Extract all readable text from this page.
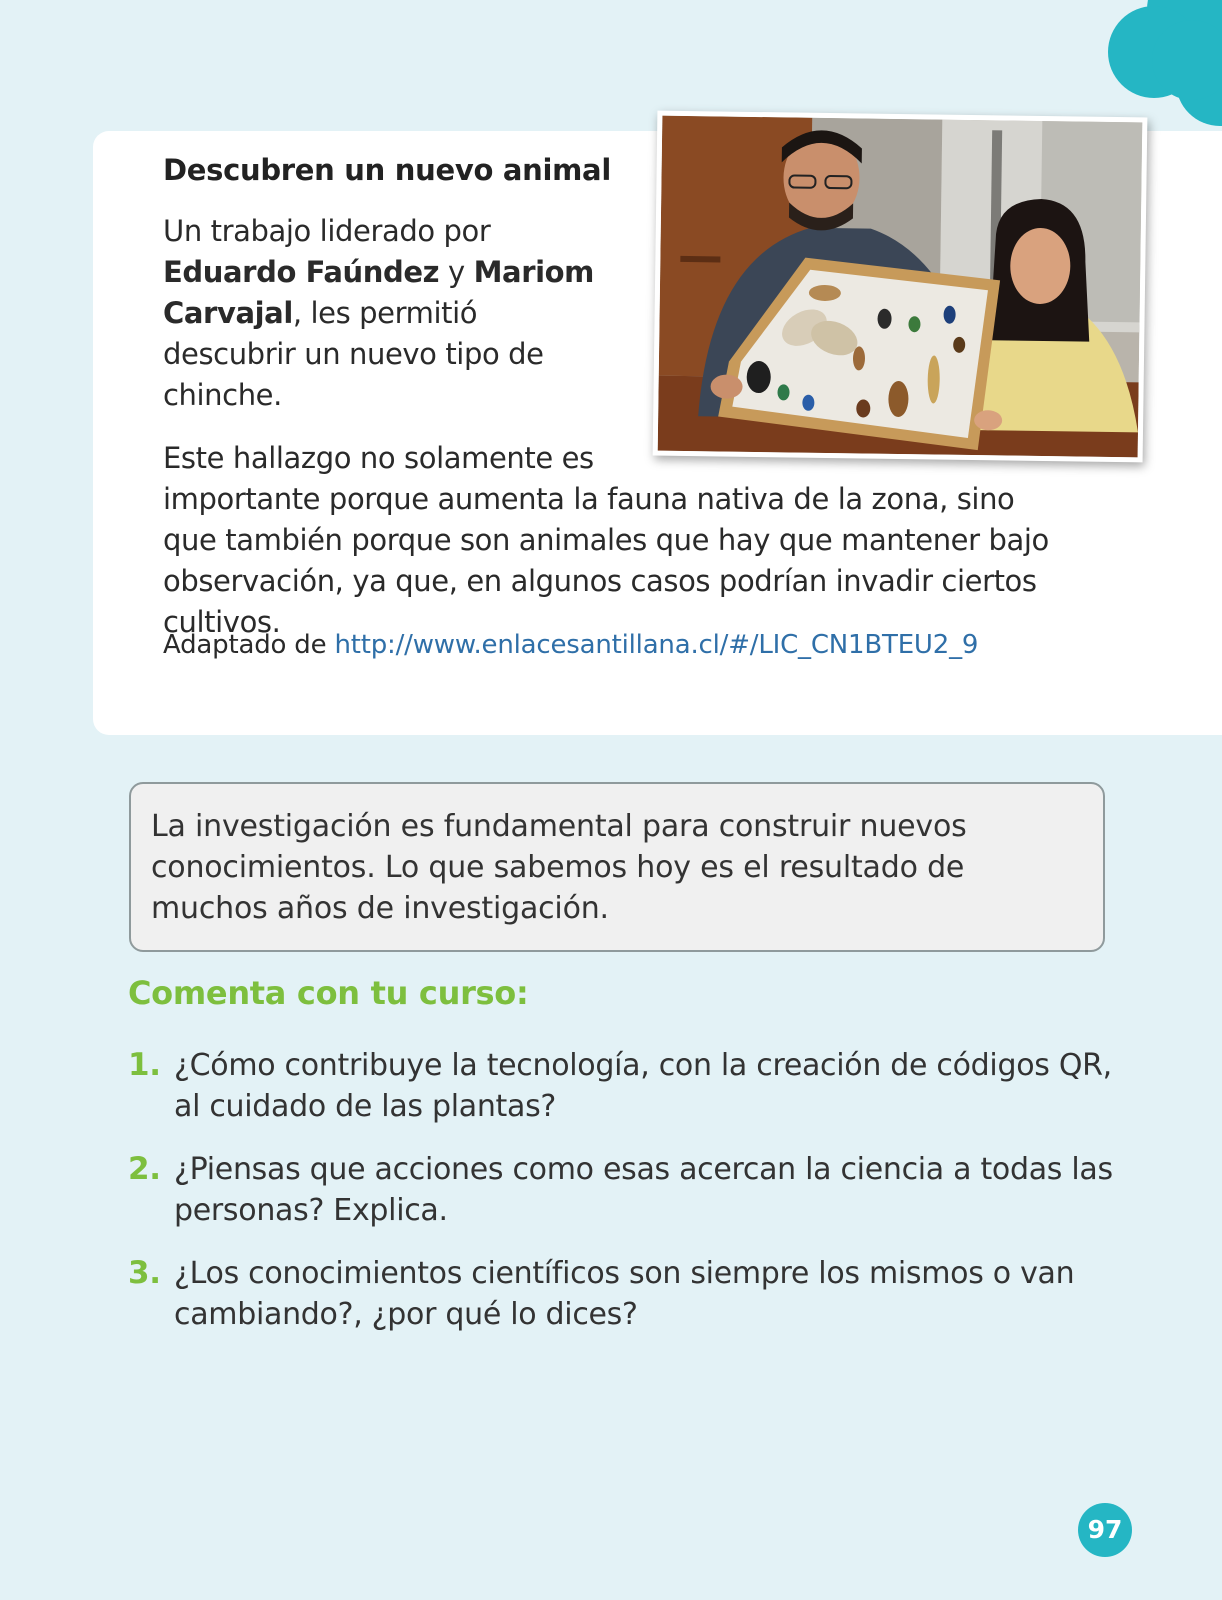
Descubren un nuevo animal

Un trabajo liderado por Eduardo Faúndez y Mariom Carvajal, les permitió descubrir un nuevo tipo de chinche.

Este hallazgo no solamente es importante porque aumenta la fauna nativa de la zona, sino que también porque son animales que hay que mantener bajo observación, ya que, en algunos casos podrían invadir ciertos cultivos.

Adaptado de http://www.enlacesantillana.cl/#/LIC_CN1BTEU2_9
La investigación es fundamental para construir nuevos conocimientos. Lo que sabemos hoy es el resultado de muchos años de investigación.
Comenta con tu curso:
1. ¿Cómo contribuye la tecnología, con la creación de códigos QR, al cuidado de las plantas?
2. ¿Piensas que acciones como esas acercan la ciencia a todas las personas? Explica.
3. ¿Los conocimientos científicos son siempre los mismos o van cambiando?, ¿por qué lo dices?
97
